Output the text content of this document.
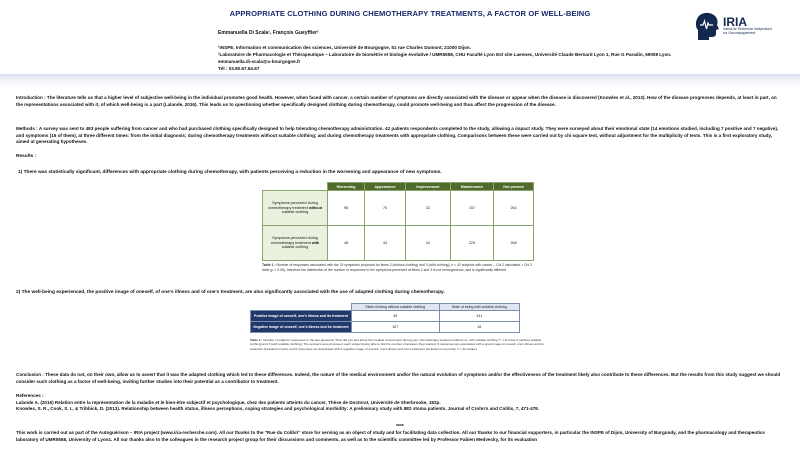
APPROPRIATE CLOTHING DURING CHEMOTHERAPY TREATMENTS, A FACTOR OF WELL-BEING
IRIA
Institut de Recherche Indépendant
sur l'Accompagnement
Emmanuella Di Scala¹, François Gueyffier²
¹INSPE, Information et communication des sciences, Université de Bourgogne, 51 rue Charles Dumont, 21000 Dijon.
²Laboratoire de Pharmacologie et Thérapeutique – Laboratoire de biométrie et biologie évolutive / UMR5558, CHU Faculté Lyon Est site Laennec, Université Claude Bernard Lyon 1, Rue G Paradin, 69008 Lyon.
emmanuella.di-scala@u-bourgogne.fr
Tél : 03.80.67.64.67
Introduction : The literature tells us that a higher level of subjective well-being in the individual promotes good health. However, when faced with cancer, a certain number of symptoms are directly associated with the disease or appear when the disease is discovered (Knowles et al., 2013). How of the disease progresses depends, at least in part, on the representations associated with it, of which well-being is a part (Lalande, 2016). This leads us to questioning whether specifically designed clothing during chemotherapy, could promote well-being and thus affect the progression of the disease.
Methods : A survey was sent to 483 people suffering from cancer and who had purchased clothing specifically designed to help tolerating chemotherapy administration. 42 patients respondents completed to the study, allowing a impact study. They were surveyed about their emotional state (14 emotions studied, including 7 positive and 7 negative), and symptoms (15 of them), at three different times: from the initial diagnosis; during chemotherapy treatments without suitable clothing; and during chemotherapy treatments with appropriate clothing. Comparisons between these were carried out by chi square test, without adjustment for the multiplicity of tests. This is a first exploratory study, aimed at generating hypotheses.
Results :
1) There was statistically significant, differences with appropriate clothing during chemotherapy, with patients perceiving a reduction in the worsening and appearance of new symptoms.
	Worsening	Appearance	Improvement	Maintenance	Not present
Symptoms perceived during chemotherapy treatment without suitable clothing	98	70	32	157	264
Symptoms perceived during chemotherapy treatment with suitable clothing	48	43	34	225	268
Table 1 : Number of responses associated with the 15 symptoms proposed for times 2 (without clothing) and 3 (with clothing), n = 42 subjects with cancer – Chi 2 calculated > Chi 2 table (p < 0.05), therefore the distribution of the number of responses to the symptoms perceived at times 2 and 3 is not homogeneous, and is significantly different.
2) The well-being experienced, the positive image of oneself, of one's illness and of one's treatment, are also significantly associated with the use of adapted clothing during chemotherapy.
	State of being without suitable clothing	State of being with suitable clothing
Positive image of oneself, one's illness and its treatment	49	141
Negative image of oneself, one's illness and its treatment	107	16
Table 2 : Number of subjects' responses to the two questions "How did you feel about the medical environment during your chemotherapy treatment without vs. with suitable clothing ?" = at times 2 (without suitable clothing) and 3 (with suitable clothing). The answers were proposed, each subject being able to tick the number of answers they wanted. 9 responses are associated with a good image of oneself, one's illness and its treatment (included in both), and 6 responses are associated with a negative image of oneself, one's illness and one's treatment (included in one both), n = 42 subject.
Conclusion : These data do not, on their own, allow us to assert that it was the adapted clothing which led to these differences. Indeed, the nature of the medical environment and/or the natural evolution of symptoms and/or the effectiveness of the treatment likely also contribute to these differences. But the results from this study suggest we should consider such clothing as a factor of well-being, inviting further studies into their potential as a contributor to treatment.
References :
Lalande A. (2016) Relation entre la représentation de la maladie et le bien-être subjectif et psychologique, chez des patients atteints du cancer, Thèse de Doctorat, Université de Sherbrooke, 182p.
Knowles, S. R., Cook, S. I., & Tribbick, D. (2013). Relationship between health status, illness perceptions, coping strategies and psychological morbidity: A preliminary study with IBD stoma patients. Journal of Crohn's and Colitis, 7, 471-478.
****
This work is carried out as part of the Autoguérison – IRIA project (www.iria-recherche.com). All our thanks to the "Rue du Colibri" store for serving as an object of study and for facilitating data collection. All our thanks to our financial supporters, in particular the INSPE of Dijon, University of Burgundy, and the pharmacology and therapeutics laboratory of UMR5558, University of Lyon1. All our thanks also to the colleagues in the research project group for their discussions and comments, as well as to the scientific committee led by Professor Fabien Medvecky, for its evaluation
